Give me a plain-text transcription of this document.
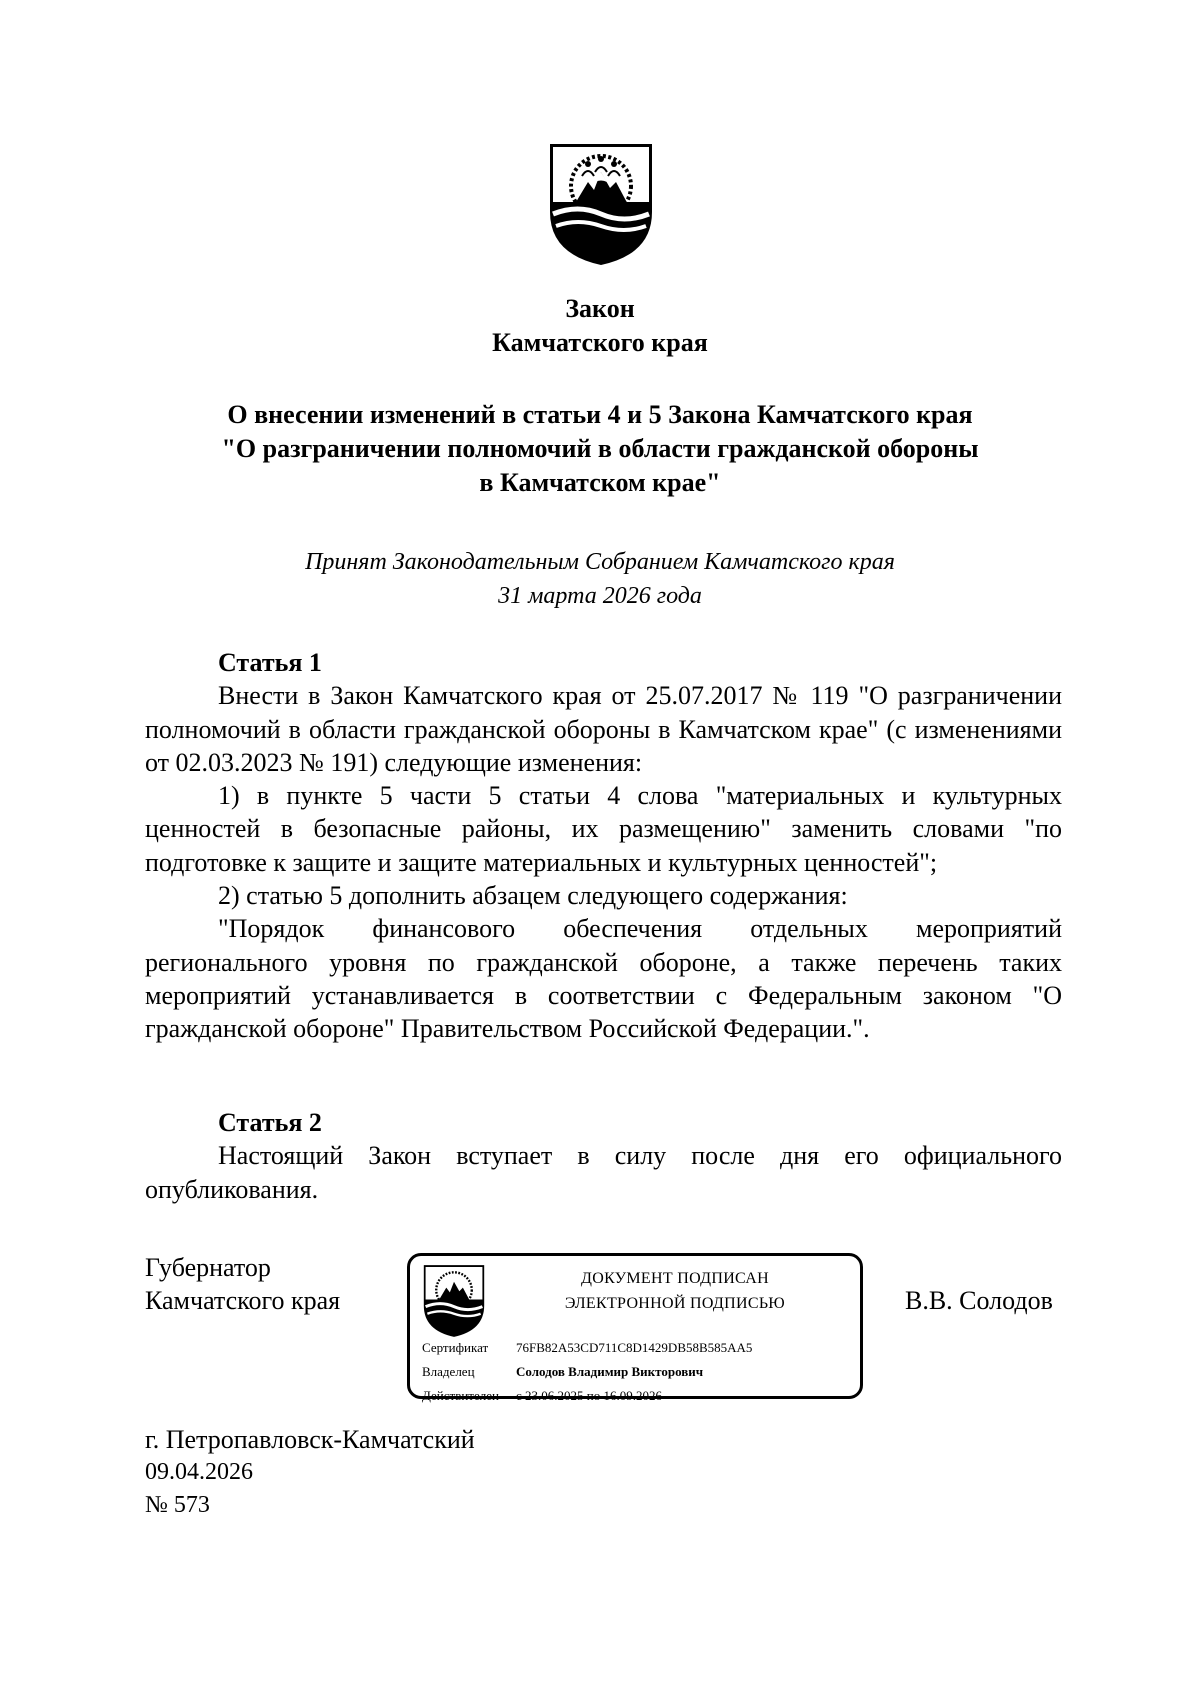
Закон
Камчатского края
О внесении изменений в статьи 4 и 5 Закона Камчатского края
"О разграничении полномочий в области гражданской обороны
в Камчатском крае"
Принят Законодательным Собранием Камчатского края
31 марта 2026 года

Статья 1

Внести в Закон Камчатского края от 25.07.2017 № 119 "О разграничении полномочий в области гражданской обороны в Камчатском крае" (с изменениями от 02.03.2023 № 191) следующие изменения:

1) в пункте 5 части 5 статьи 4 слова "материальных и культурных ценностей в безопасные районы, их размещению" заменить словами "по подготовке к защите и защите материальных и культурных ценностей";

2) статью 5 дополнить абзацем следующего содержания:

"Порядок финансового обеспечения отдельных мероприятий регионального уровня по гражданской обороне, а также перечень таких мероприятий устанавливается в соответствии с Федеральным законом "О гражданской обороне" Правительством Российской Федерации.".

Статья 2

Настоящий Закон вступает в силу после дня его официального опубликования.

Губернатор
Камчатского края
ДОКУМЕНТ ПОДПИСАН
ЭЛЕКТРОННОЙ ПОДПИСЬЮ
Сертификат 76FB82A53CD711C8D1429DB58B585AA5
Владелец	Солодов Владимир Викторович
Действителен с 23.06.2025 по 16.09.2026
В.В. Солодов
г. Петропавловск-Камчатский
09.04.2026
№ 573
